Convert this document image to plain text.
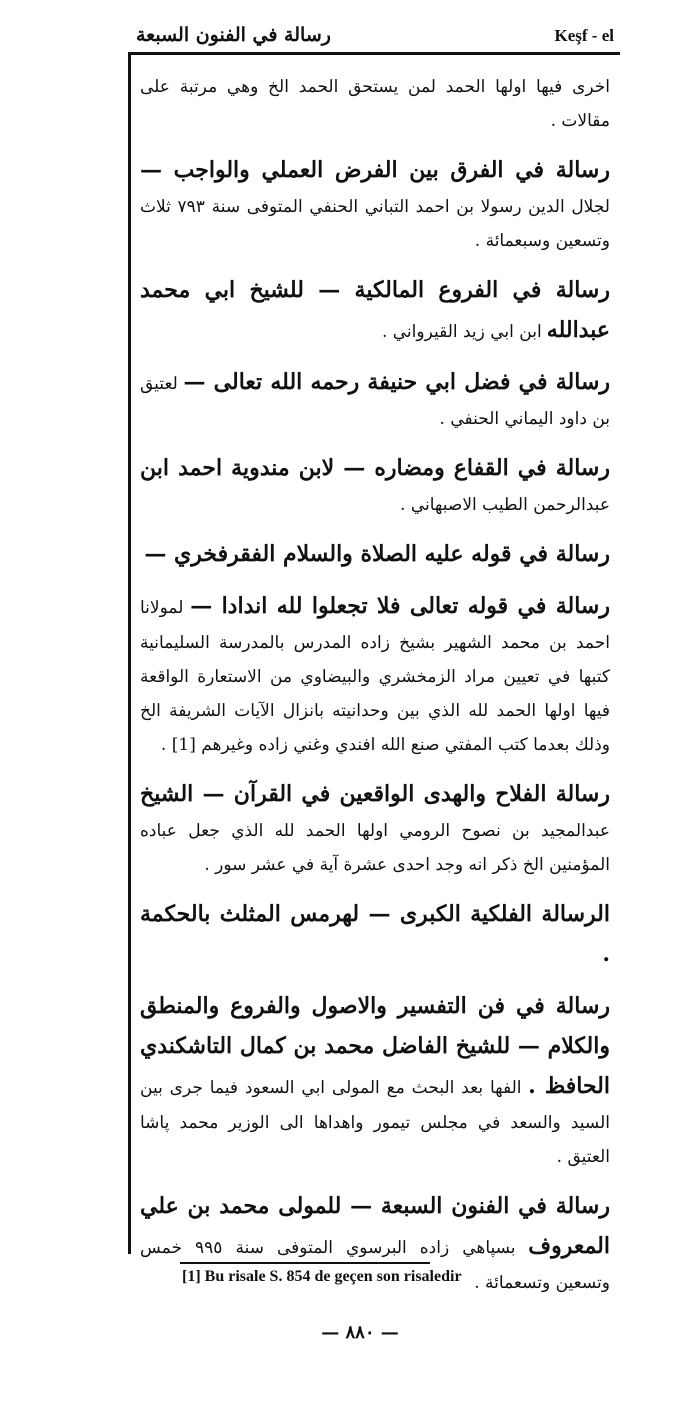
رسالة في الفنون السبعة	Keşf - el

اخرى فيها اولها الحمد لمن يستحق الحمد الخ وهي مرتبة على مقالات .

رسالة في الفرق بين الفرض العملي والواجب — لجلال الدين رسولا بن احمد التباني الحنفي المتوفى سنة ٧٩٣ ثلاث وتسعين وسبعمائة .

رسالة في الفروع المالكية — للشيخ ابي محمد عبدالله ابن ابي زيد القيرواني .

رسالة في فضل ابي حنيفة رحمه الله تعالى — لعتيق بن داود اليماني الحنفي .

رسالة في القفاع ومضاره — لابن مندوية احمد ابن عبدالرحمن الطيب الاصبهاني .

رسالة في قوله عليه الصلاة والسلام الفقرفخري —

رسالة في قوله تعالى فلا تجعلوا لله اندادا — لمولانا احمد بن محمد الشهير بشيخ زاده المدرس بالمدرسة السليمانية كتبها في تعيين مراد الزمخشري والبيضاوي من الاستعارة الواقعة فيها اولها الحمد لله الذي بين وحدانيته بانزال الآيات الشريفة الخ وذلك بعدما كتب المفتي صنع الله افندي وغني زاده وغيرهم [1] .

رسالة الفلاح والهدى الواقعين في القرآن — الشيخ عبدالمجيد بن نصوح الرومي اولها الحمد لله الذي جعل عباده المؤمنين الخ ذكر انه وجد احدى عشرة آية في عشر سور .

الرسالة الفلكية الكبرى — لهرمس المثلث بالحكمة .

رسالة في فن التفسير والاصول والفروع والمنطق والكلام — للشيخ الفاضل محمد بن كمال التاشكندي الحافظ . الفها بعد البحث مع المولى ابي السعود فيما جرى بين السيد والسعد في مجلس تيمور واهداها الى الوزير محمد پاشا العتيق .

رسالة في الفنون السبعة — للمولى محمد بن علي المعروف بسپاهي زاده البرسوي المتوفى سنة ٩٩٥ خمس وتسعين وتسعمائة .

[1] Bu risale S. 854 de geçen son risaledir
— ٨٨٠ —
